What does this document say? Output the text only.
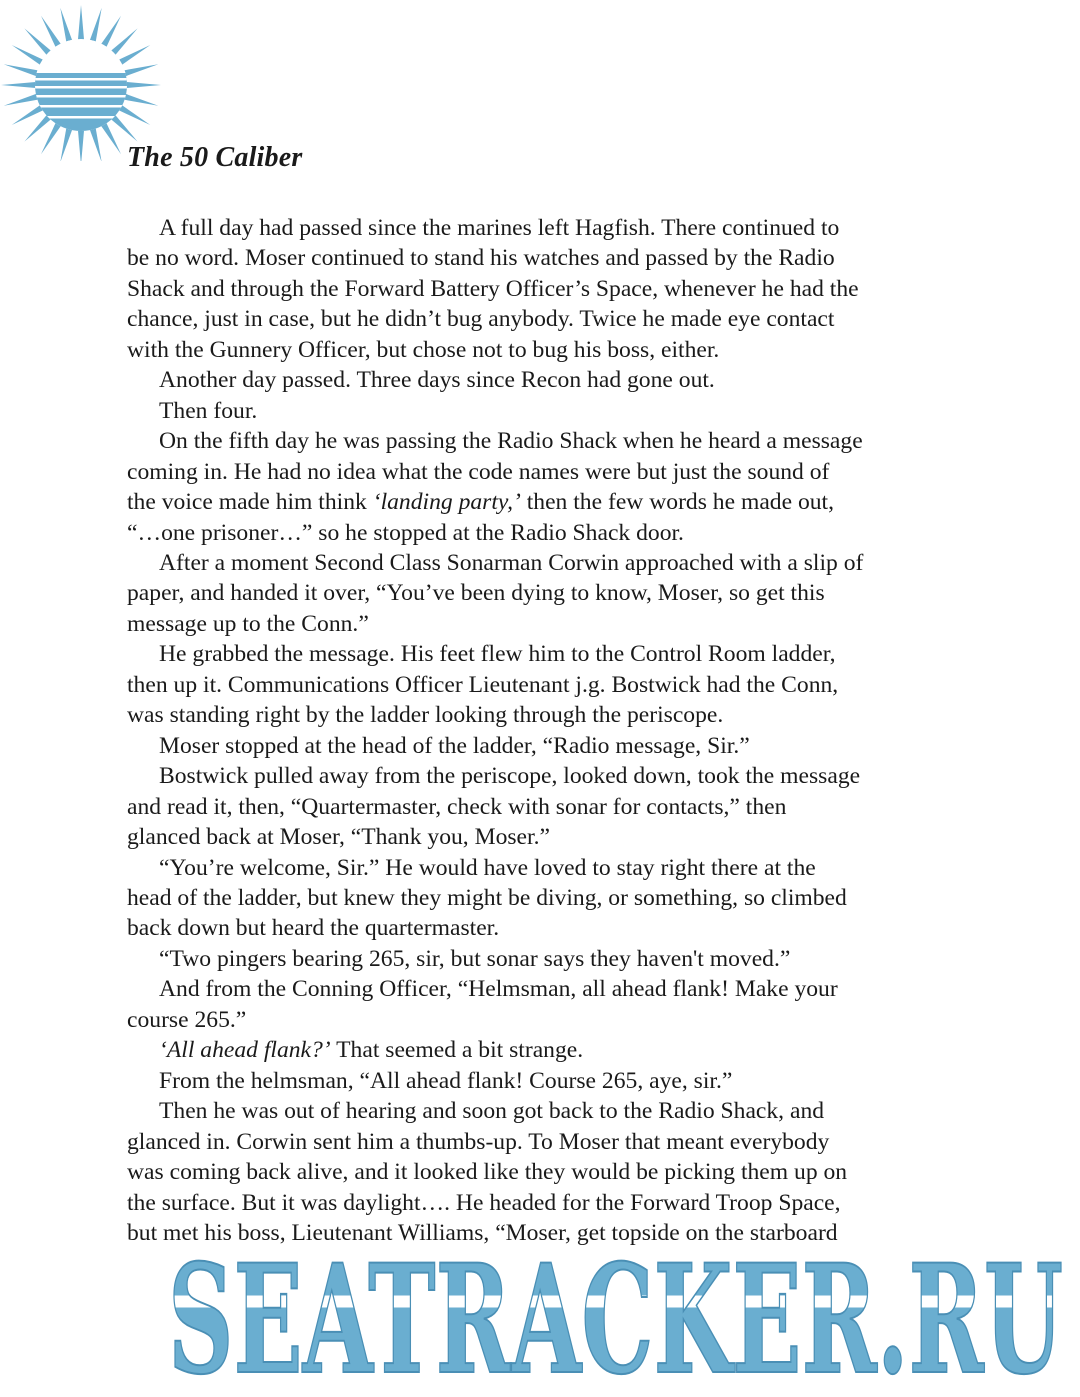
The 50 Caliber

A full day had passed since the marines left Hagfish. There continued to

be no word. Moser continued to stand his watches and passed by the Radio

Shack and through the Forward Battery Officer’s Space, whenever he had the

chance, just in case, but he didn’t bug anybody. Twice he made eye contact

with the Gunnery Officer, but chose not to bug his boss, either.

Another day passed. Three days since Recon had gone out.

Then four.

On the fifth day he was passing the Radio Shack when he heard a message

coming in. He had no idea what the code names were but just the sound of

the voice made him think ‘landing party,’ then the few words he made out,

“…one prisoner…” so he stopped at the Radio Shack door.

After a moment Second Class Sonarman Corwin approached with a slip of

paper, and handed it over, “You’ve been dying to know, Moser, so get this

message up to the Conn.”

He grabbed the message. His feet flew him to the Control Room ladder,

then up it. Communications Officer Lieutenant j.g. Bostwick had the Conn,

was standing right by the ladder looking through the periscope.

Moser stopped at the head of the ladder, “Radio message, Sir.”

Bostwick pulled away from the periscope, looked down, took the message

and read it, then, “Quartermaster, check with sonar for contacts,” then

glanced back at Moser, “Thank you, Moser.”

“You’re welcome, Sir.” He would have loved to stay right there at the

head of the ladder, but knew they might be diving, or something, so climbed

back down but heard the quartermaster.

“Two pingers bearing 265, sir, but sonar says they haven't moved.”

And from the Conning Officer, “Helmsman, all ahead flank! Make your

course 265.”

‘All ahead flank?’ That seemed a bit strange.

From the helmsman, “All ahead flank! Course 265, aye, sir.”

Then he was out of hearing and soon got back to the Radio Shack, and

glanced in. Corwin sent him a thumbs-up. To Moser that meant everybody

was coming back alive, and it looked like they would be picking them up on

the surface. But it was daylight…. He headed for the Forward Troop Space,

but met his boss, Lieutenant Williams, “Moser, get topside on the starboard

SEATRACKER.RU
